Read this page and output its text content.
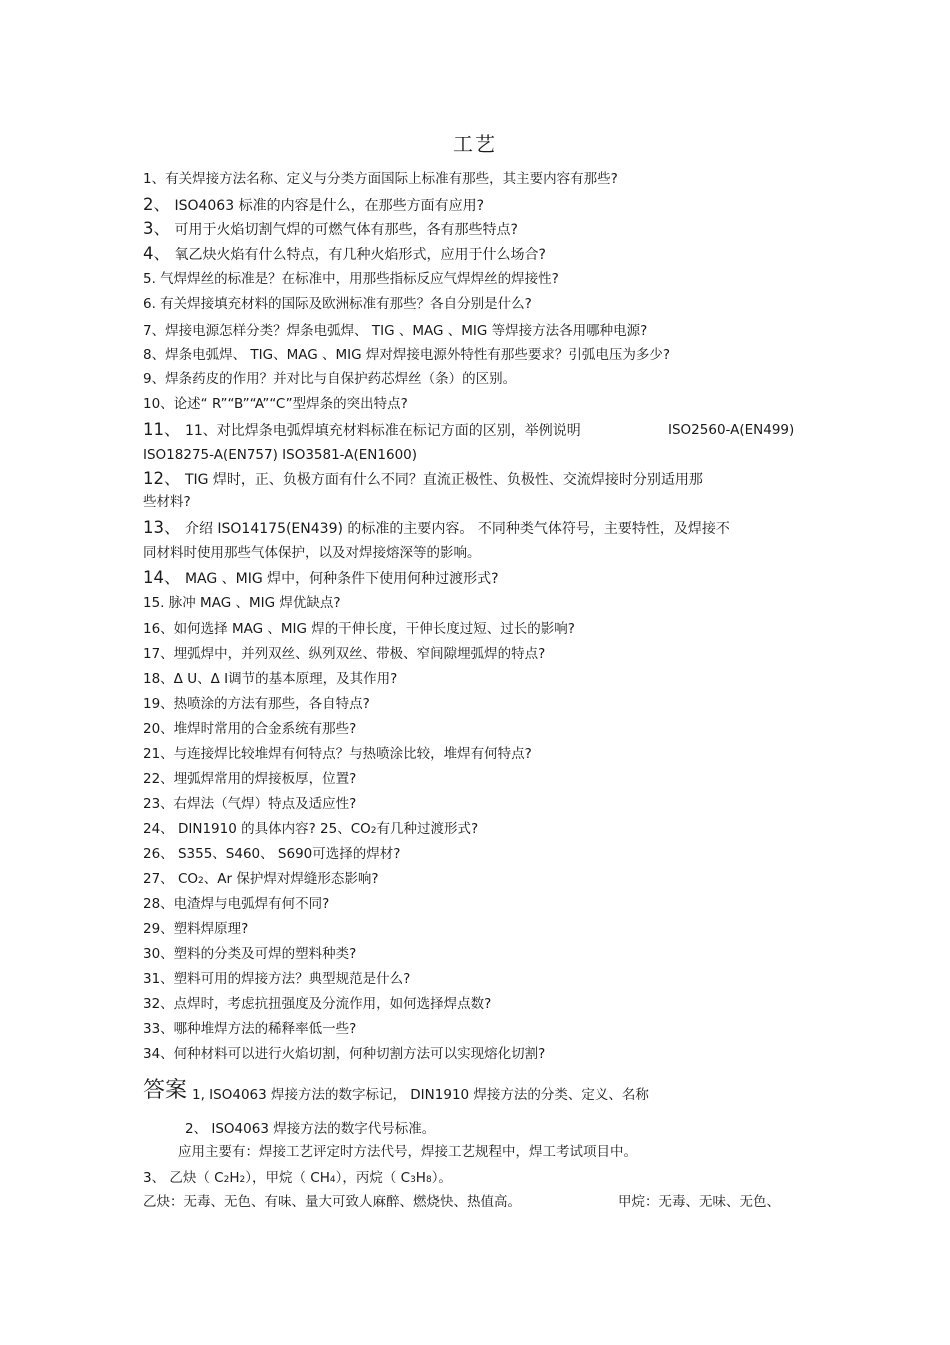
工艺
1、有关焊接方法名称、定义与分类方面国际上标准有那些，其主要内容有那些?
2、 ISO4063 标准的内容是什么，在那些方面有应用?
3、 可用于火焰切割气焊的可燃气体有那些，各有那些特点?
4、 氧乙炔火焰有什么特点，有几种火焰形式，应用于什么场合?
5. 气焊焊丝的标准是？在标准中，用那些指标反应气焊焊丝的焊接性?
6. 有关焊接填充材料的国际及欧洲标准有那些？各自分别是什么?
7、焊接电源怎样分类？焊条电弧焊、 TIG 、MAG 、MIG 等焊接方法各用哪种电源?
8、焊条电弧焊、 TIG、MAG 、MIG 焊对焊接电源外特性有那些要求？引弧电压为多少?
9、焊条药皮的作用？并对比与自保护药芯焊丝（条）的区别。
10、论述“ R”“B”“A”“C”型焊条的突出特点?
11、 11、对比焊条电弧焊填充材料标准在标记方面的区别，举例说明	ISO2560-A(EN499)
ISO18275-A(EN757) ISO3581-A(EN1600)
12、 TIG 焊时，正、负极方面有什么不同？直流正极性、负极性、交流焊接时分别适用那
些材料?
13、 介绍 ISO14175(EN439) 的标准的主要内容。 不同种类气体符号，主要特性，及焊接不
同材料时使用那些气体保护，以及对焊接熔深等的影响。
14、 MAG 、MIG 焊中，何种条件下使用何种过渡形式?
15. 脉冲 MAG 、MIG 焊优缺点?
16、如何选择 MAG 、MIG 焊的干伸长度，干伸长度过短、过长的影响?
17、埋弧焊中，并列双丝、纵列双丝、带极、窄间隙埋弧焊的特点?
18、Δ U、Δ I调节的基本原理，及其作用?
19、热喷涂的方法有那些，各自特点?
20、堆焊时常用的合金系统有那些?
21、与连接焊比较堆焊有何特点？与热喷涂比较，堆焊有何特点?
22、埋弧焊常用的焊接板厚，位置?
23、右焊法（气焊）特点及适应性?
24、 DIN1910 的具体内容? 25、CO2有几种过渡形式?
26、 S355、S460、 S690可选择的焊材?
27、 CO2、Ar 保护焊对焊缝形态影响?
28、电渣焊与电弧焊有何不同?
29、塑料焊原理?
30、塑料的分类及可焊的塑料种类?
31、塑料可用的焊接方法？典型规范是什么?
32、点焊时，考虑抗扭强度及分流作用，如何选择焊点数?
33、哪种堆焊方法的稀释率低一些?
34、何种材料可以进行火焰切割，何种切割方法可以实现熔化切割?
答案 1, ISO4063 焊接方法的数字标记， DIN1910 焊接方法的分类、定义、名称
2、 ISO4063 焊接方法的数字代号标准。
应用主要有：焊接工艺评定时方法代号，焊接工艺规程中，焊工考试项目中。
3、 乙炔（ C2H2），甲烷（ CH4），丙烷（ C3H8）。
乙炔：无毒、无色、有味、量大可致人麻醉、燃烧快、热值高。	甲烷：无毒、无味、无色、
